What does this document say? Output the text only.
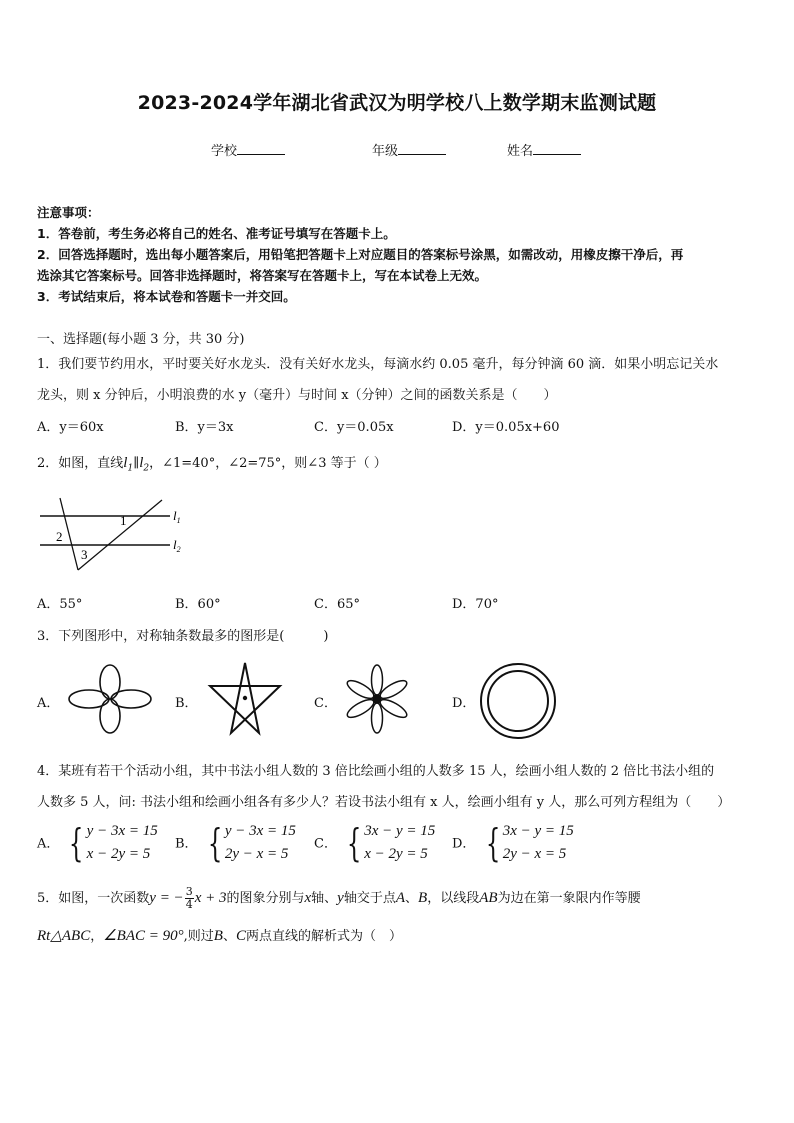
2023-2024学年湖北省武汉为明学校八上数学期末监测试题
学校	年级	姓名
注意事项：
1．答卷前，考生务必将自己的姓名、准考证号填写在答题卡上。
2．回答选择题时，选出每小题答案后，用铅笔把答题卡上对应题目的答案标号涂黑，如需改动，用橡皮擦干净后，再
选涂其它答案标号。回答非选择题时，将答案写在答题卡上，写在本试卷上无效。
3．考试结束后，将本试卷和答题卡一并交回。
一、选择题(每小题 3 分，共 30 分)
1．我们要节约用水，平时要关好水龙头．没有关好水龙头，每滴水约 0.05 毫升，每分钟滴 60 滴．如果小明忘记关水
龙头，则 x 分钟后，小明浪费的水 y（毫升）与时间 x（分钟）之间的函数关系是（　　）
A．y＝60x	B．y＝3x	C．y＝0.05x	D．y＝0.05x+60
2．如图，直线$l_1\parallel l_2$，∠1=40°，∠2=75°，则∠3 等于（ ）
1
2
3
$l_1$
$l_2$
A．55°	B．60°	C．65°	D．70°
3．下列图形中，对称轴条数最多的图形是(　　　)
A．	B．	C．	D．
4．某班有若干个活动小组，其中书法小组人数的 3 倍比绘画小组的人数多 15 人，绘画小组人数的 2 倍比书法小组的
人数多 5 人，问: 书法小组和绘画小组各有多少人？若设书法小组有 x 人，绘画小组有 y 人，那么可列方程组为（　　）
A． { y − 3x = 15
x − 2y = 5
B． { y − 3x = 15
2y − x = 5
C． { 3x − y = 15
x − 2y = 5
D． { 3x − y = 15
2y − x = 5
5．如图，一次函数y = − $\frac{3}{4}$ x + 3的图象分别与x轴、y轴交于点A、B，以线段AB为边在第一象限内作等腰
Rt△ABC，∠BAC = 90°,则过B、C两点直线的解析式为（　）
